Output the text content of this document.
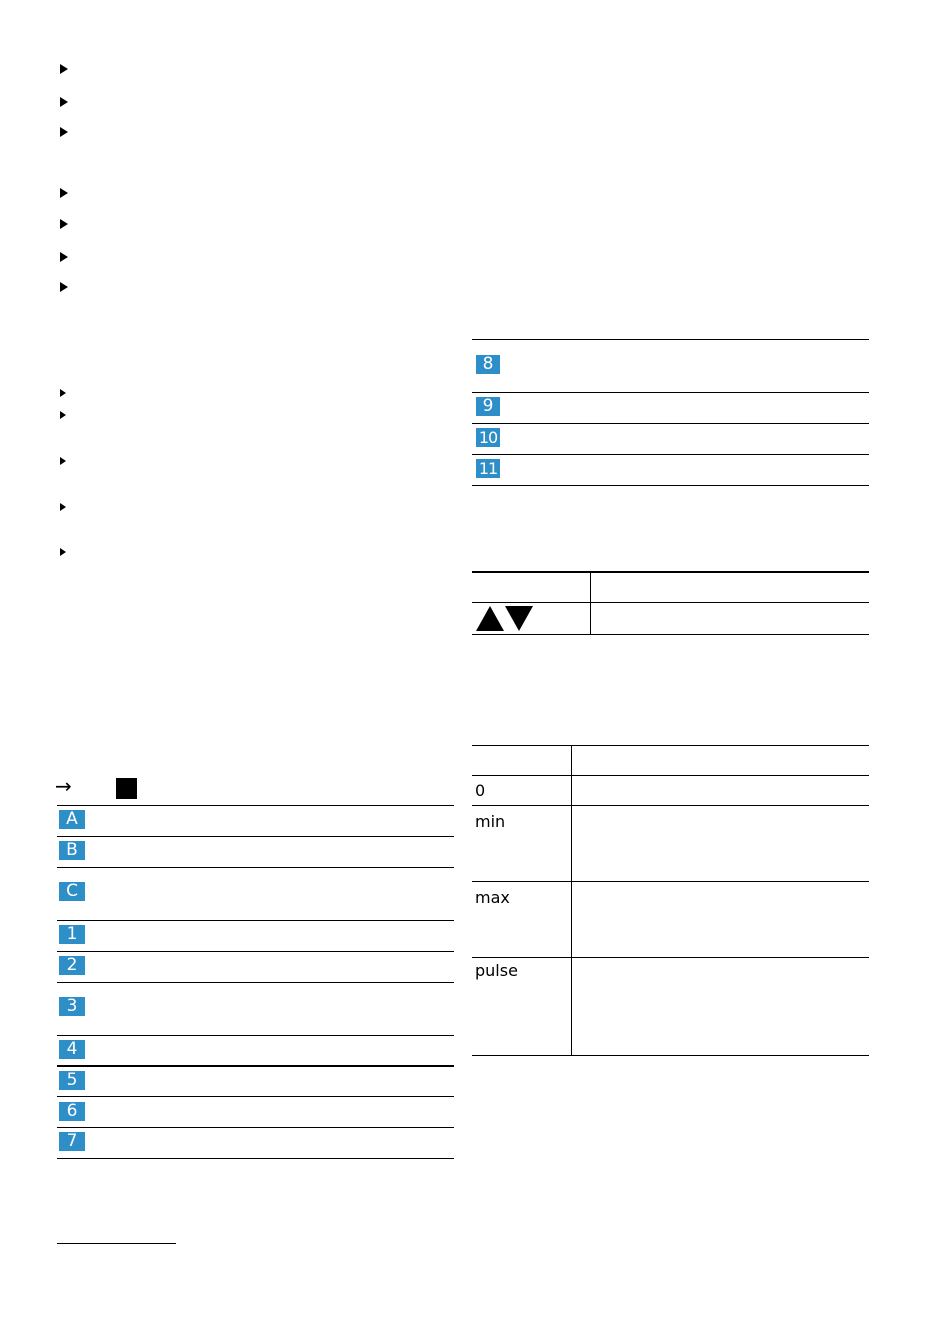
→
A
B
C
1
2
3
4
5
6
7
8
9
10
11
0
min
max
pulse
